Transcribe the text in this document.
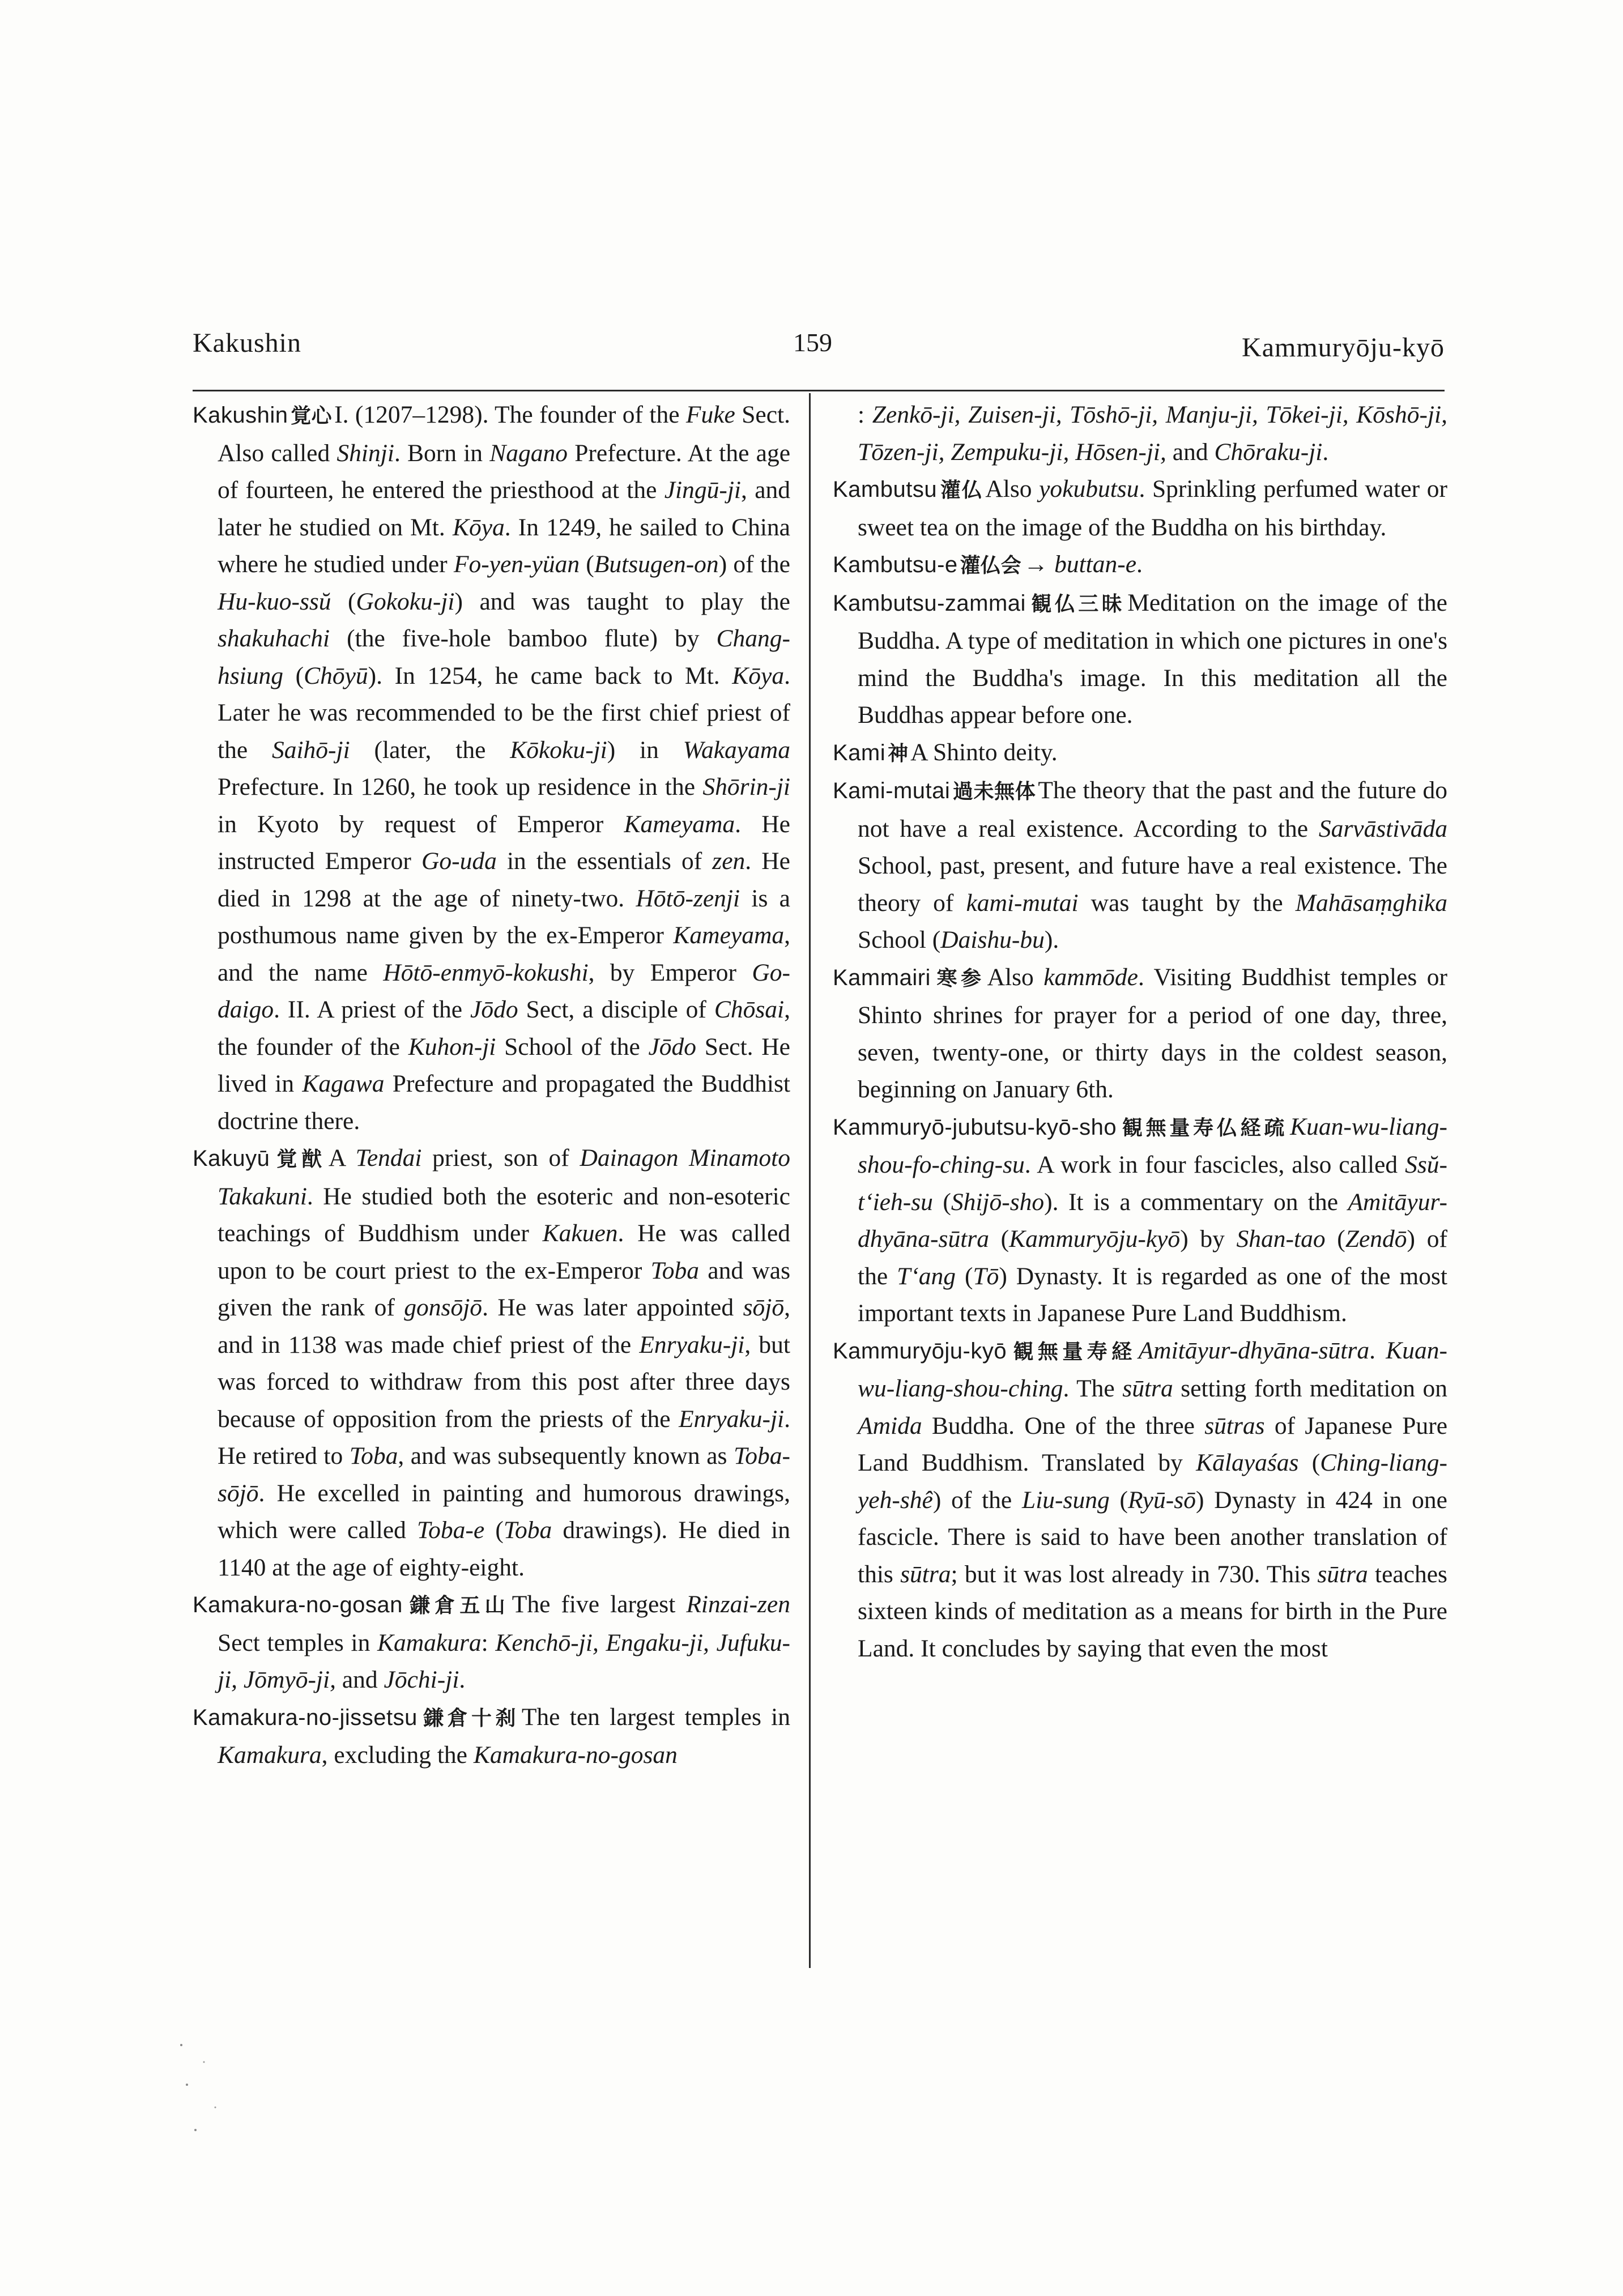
Kakushin	159	Kammuryōju-kyō

Kakushin 覚心I. (1207–1298). The founder of the Fuke Sect. Also called Shinji. Born in Nagano Prefecture. At the age of fourteen, he entered the priesthood at the Jingū-ji, and later he studied on Mt. Kōya. In 1249, he sailed to China where he studied under Fo-yen-yüan (Butsugen-on) of the Hu-kuo-ssŭ (Gokoku-ji) and was taught to play the shakuhachi (the five-hole bamboo flute) by Chang-hsiung (Chōyū). In 1254, he came back to Mt. Kōya. Later he was recommended to be the first chief priest of the Saihō-ji (later, the Kōkoku-ji) in Wakayama Prefecture. In 1260, he took up residence in the Shōrin-ji in Kyoto by request of Emperor Kameyama. He instructed Emperor Go-uda in the essentials of zen. He died in 1298 at the age of ninety-two. Hōtō-zenji is a posthumous name given by the ex-Emperor Kameyama, and the name Hōtō-enmyō-kokushi, by Emperor Go-daigo. II. A priest of the Jōdo Sect, a disciple of Chōsai, the founder of the Kuhon-ji School of the Jōdo Sect. He lived in Kagawa Prefecture and propagated the Buddhist doctrine there.

Kakuyū 覚猷A Tendai priest, son of Dainagon Minamoto Takakuni. He studied both the esoteric and non-esoteric teachings of Buddhism under Kakuen. He was called upon to be court priest to the ex-Emperor Toba and was given the rank of gonsōjō. He was later appointed sōjō, and in 1138 was made chief priest of the Enryaku-ji, but was forced to withdraw from this post after three days because of opposition from the priests of the Enryaku-ji. He retired to Toba, and was subsequently known as Toba-sōjō. He excelled in painting and humorous drawings, which were called Toba-e (Toba drawings). He died in 1140 at the age of eighty-eight.

Kamakura-no-gosan 鎌倉五山The five largest Rinzai-zen Sect temples in Kamakura: Kenchō-ji, Engaku-ji, Jufuku-ji, Jōmyō-ji, and Jōchi-ji.

Kamakura-no-jissetsu 鎌倉十刹The ten largest temples in Kamakura, excluding the Kamakura-no-gosan

: Zenkō-ji, Zuisen-ji, Tōshō-ji, Manju-ji, Tōkei-ji, Kōshō-ji, Tōzen-ji, Zempuku-ji, Hōsen-ji, and Chōraku-ji.

Kambutsu 灌仏Also yokubutsu. Sprinkling perfumed water or sweet tea on the image of the Buddha on his birthday.

Kambutsu-e 灌仏会→ buttan-e.

Kambutsu-zammai 観仏三昧Meditation on the image of the Buddha. A type of meditation in which one pictures in one's mind the Buddha's image. In this meditation all the Buddhas appear before one.

Kami 神A Shinto deity.

Kami-mutai 過未無体The theory that the past and the future do not have a real existence. According to the Sarvāstivāda School, past, present, and future have a real existence. The theory of kami-mutai was taught by the Mahāsaṃghika School (Daishu-bu).

Kammairi 寒参Also kammōde. Visiting Buddhist temples or Shinto shrines for prayer for a period of one day, three, seven, twenty-one, or thirty days in the coldest season, beginning on January 6th.

Kammuryō-jubutsu-kyō-sho 観無量寿仏経疏Kuan-wu-liang-shou-fo-ching-su. A work in four fascicles, also called Ssŭ-t‘ieh-su (Shijō-sho). It is a commentary on the Amitāyur-dhyāna-sūtra (Kammuryōju-kyō) by Shan-tao (Zendō) of the T‘ang (Tō) Dynasty. It is regarded as one of the most important texts in Japanese Pure Land Buddhism.

Kammuryōju-kyō 観無量寿経Amitāyur-dhyāna-sūtra. Kuan-wu-liang-shou-ching. The sūtra setting forth meditation on Amida Buddha. One of the three sūtras of Japanese Pure Land Buddhism. Translated by Kālayaśas (Ching-liang-yeh-shê) of the Liu-sung (Ryū-sō) Dynasty in 424 in one fascicle. There is said to have been another translation of this sūtra; but it was lost already in 730. This sūtra teaches sixteen kinds of meditation as a means for birth in the Pure Land. It concludes by saying that even the most
